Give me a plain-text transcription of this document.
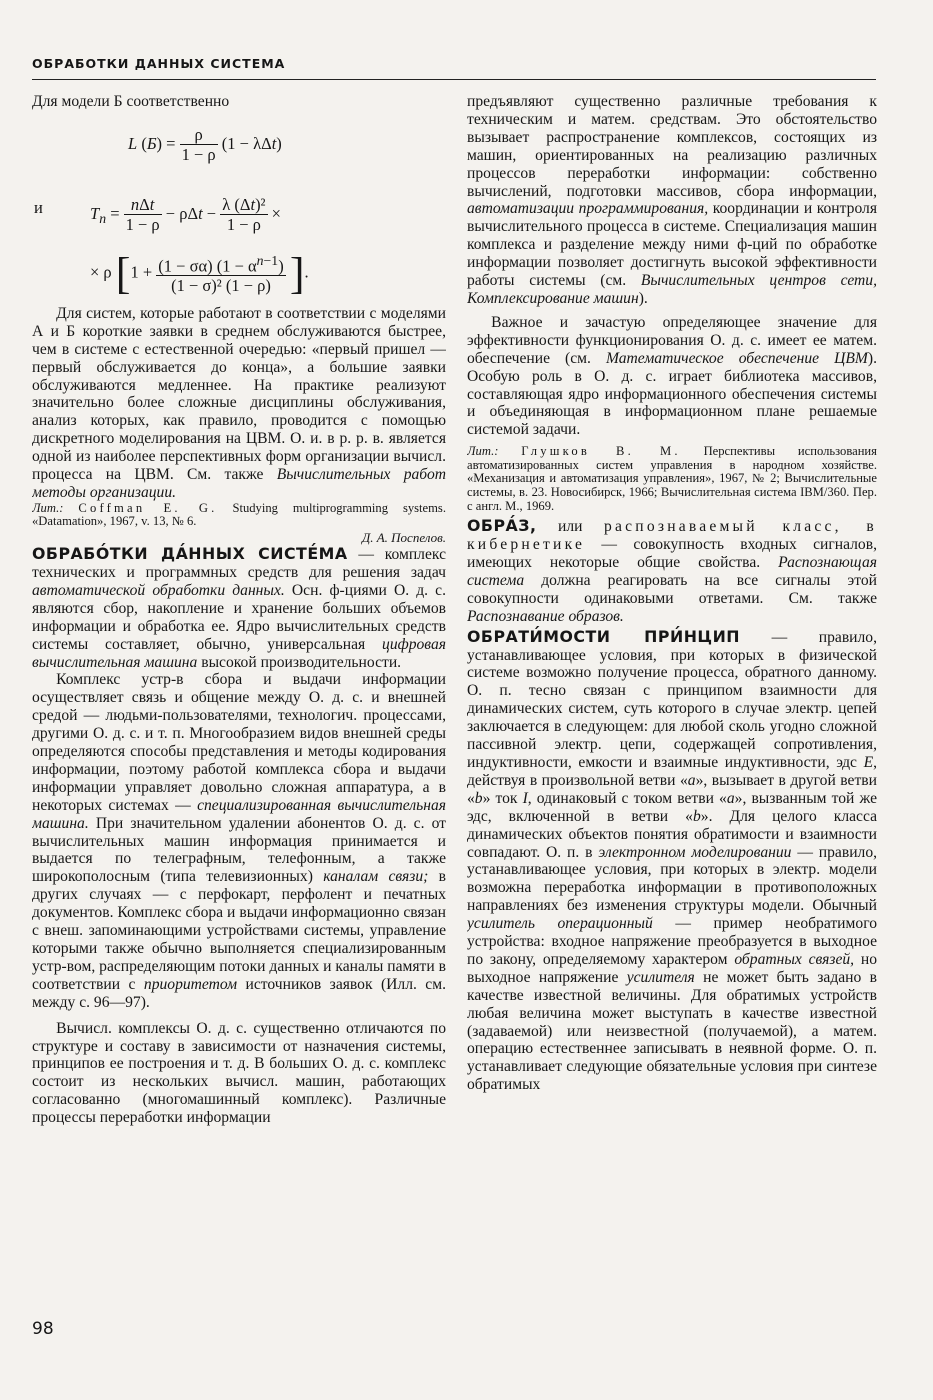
ОБРАБОТКИ ДАННЫХ СИСТЕМА

Для модели Б соответственно

L $(Б) = \frac{\rho}{1 - \rho} (1 - \lambda\Delta t)$
и	$T_n = \frac{\text{nΔt}}{1 - \rho} - \rho\Delta t - \frac{\text{λ (Δt)²}}{1 - \rho}$ ×
× ρ [$1 + \frac{(1 - \sigma\alpha) (1 - \alpha^{n-1})}{\text{(1 − σ)² (1 − ρ)}}$ ].

Для систем, которые работают в соответствии с моделями А и Б короткие заявки в среднем обслуживаются быстрее, чем в системе с естественной очередью: «первый пришел — первый обслуживается до конца», а большие заявки обслуживаются медленнее. На практике реализуют значительно более сложные дисциплины обслуживания, анализ которых, как правило, проводится с помощью дискретного моделирования на ЦВМ. О. и. в р. р. в. является одной из наиболее перспективных форм организации вычисл. процесса на ЦВМ. См. также Вычислительных работ методы организации.

Лит.: Coffman E. G. Studying multiprogramming systems. «Datamation», 1967, v. 13, № 6.

Д. А. Поспелов.

ОБРАБО́ТКИ ДА́ННЫХ СИСТЕ́МА — комплекс технических и программных средств для решения задач автоматической обработки данных. Осн. ф-циями О. д. с. являются сбор, накопление и хранение больших объемов информации и обработка ее. Ядро вычислительных средств системы составляет, обычно, универсальная цифровая вычислительная машина высокой производительности.

Комплекс устр-в сбора и выдачи информации осуществляет связь и общение между О. д. с. и внешней средой — людьми-пользователями, технологич. процессами, другими О. д. с. и т. п. Многообразием видов внешней среды определяются способы представления и методы кодирования информации, поэтому работой комплекса сбора и выдачи информации управляет довольно сложная аппаратура, а в некоторых системах — специализированная вычислительная машина. При значительном удалении абонентов О. д. с. от вычислительных машин информация принимается и выдается по телеграфным, телефонным, а также широкополосным (типа телевизионных) каналам связи; в других случаях — с перфокарт, перфолент и печатных документов. Комплекс сбора и выдачи информационно связан с внеш. запоминающими устройствами системы, управление которыми также обычно выполняется специализированным устр-вом, распределяющим потоки данных и каналы памяти в соответствии с приоритетом источников заявок (Илл. см. между с. 96—97).

Вычисл. комплексы О. д. с. существенно отличаются по структуре и составу в зависимости от назначения системы, принципов ее построения и т. д. В больших О. д. с. комплекс состоит из нескольких вычисл. машин, работающих согласованно (многомашинный комплекс). Различные процессы переработки информации

предъявляют существенно различные требования к техническим и матем. средствам. Это обстоятельство вызывает распространение комплексов, состоящих из машин, ориентированных на реализацию различных процессов переработки информации: собственно вычислений, подготовки массивов, сбора информации, автоматизации программирования, координации и контроля вычислительного процесса в системе. Специализация машин комплекса и разделение между ними ф-ций по обработке информации позволяет достигнуть высокой эффективности работы системы (см. Вычислительных центров сети, Комплексирование машин).

Важное и зачастую определяющее значение для эффективности функционирования О. д. с. имеет ее матем. обеспечение (см. Математическое обеспечение ЦВМ). Особую роль в О. д. с. играет библиотека массивов, составляющая ядро информационного обеспечения системы и объединяющая в информационном плане решаемые системой задачи.

Лит.: Глушков В. М. Перспективы использования автоматизированных систем управления в народном хозяйстве. «Механизация и автоматизация управления», 1967, № 2; Вычислительные системы, в. 23. Новосибирск, 1966; Вычислительная система IBM/360. Пер. с англ. М., 1969.

ОБРА́З, или распознаваемый класс, в кибернетике — совокупность входных сигналов, имеющих некоторые общие свойства. Распознающая система должна реагировать на все сигналы этой совокупности одинаковыми ответами. См. также Распознавание образов.

ОБРАТИ́МОСТИ ПРИ́НЦИП — правило, устанавливающее условия, при которых в физической системе возможно получение процесса, обратного данному. О. п. тесно связан с принципом взаимности для динамических систем, суть которого в случае электр. цепей заключается в следующем: для любой сколь угодно сложной пассивной электр. цепи, содержащей сопротивления, индуктивности, емкости и взаимные индуктивности, эдс E, действуя в произвольной ветви «a», вызывает в другой ветви «b» ток I, одинаковый с током ветви «a», вызванным той же эдс, включенной в ветви «b». Для целого класса динамических объектов понятия обратимости и взаимности совпадают. О. п. в электронном моделировании — правило, устанавливающее условия, при которых в электр. модели возможна переработка информации в противоположных направлениях без изменения структуры модели. Обычный усилитель операционный — пример необратимого устройства: входное напряжение преобразуется в выходное по закону, определяемому характером обратных связей, но выходное напряжение усилителя не может быть задано в качестве известной величины. Для обратимых устройств любая величина может выступать в качестве известной (задаваемой) или неизвестной (получаемой), а матем. операцию естественнее записывать в неявной форме. О. п. устанавливает следующие обязательные условия при синтезе обратимых

98
